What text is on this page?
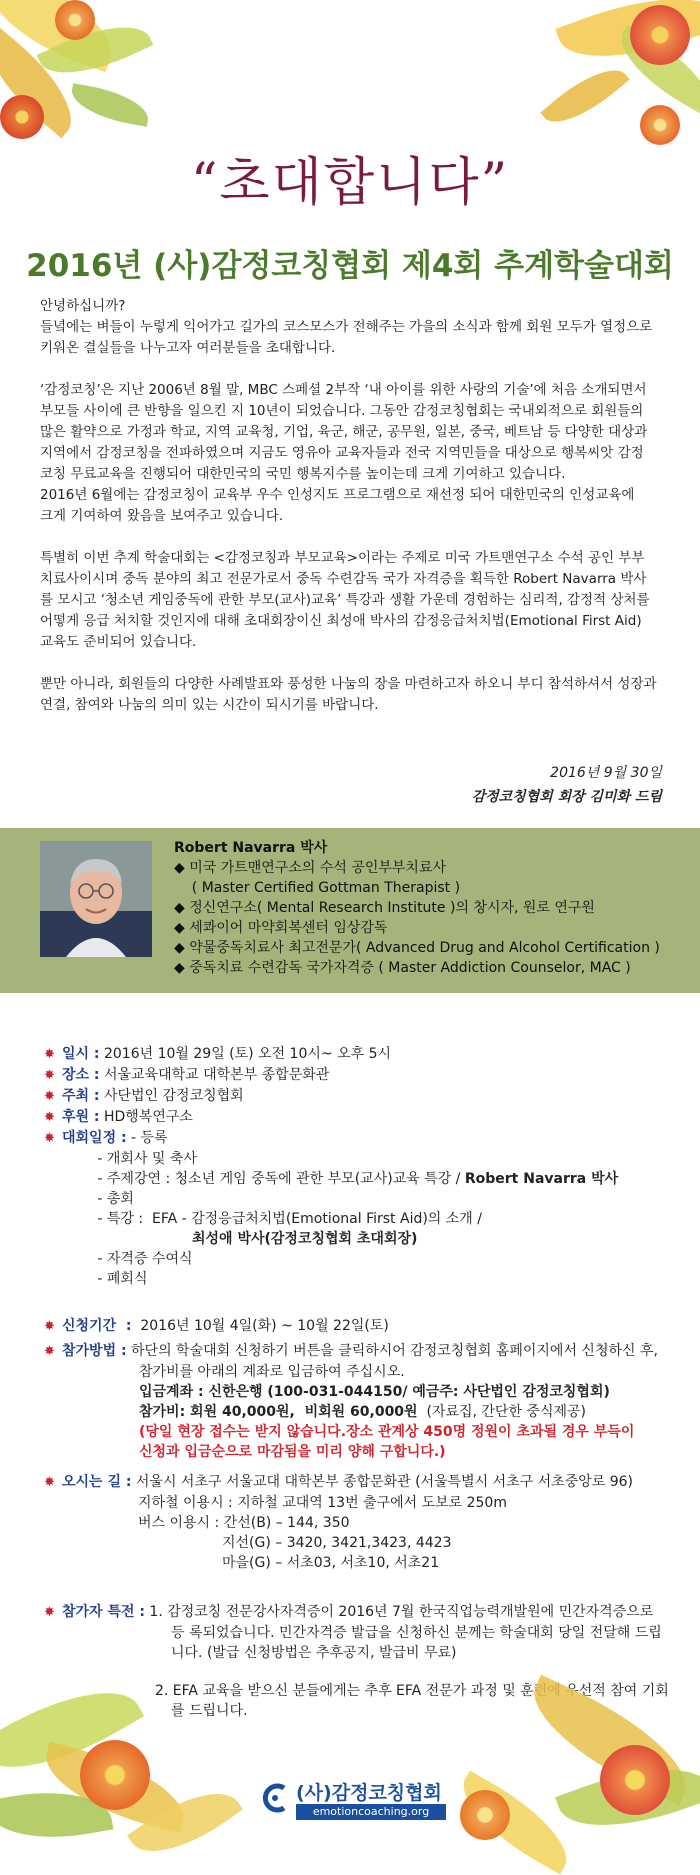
“초대합니다”
2016년 (사)감정코칭협회 제4회 추계학술대회

안녕하십니까?
들녘에는 벼들이 누렇게 익어가고 길가의 코스모스가 전해주는 가을의 소식과 함께 회원 모두가 열정으로
키워온 결실들을 나누고자 여러분들을 초대합니다.

‘감정코칭’은 지난 2006년 8월 말, MBC 스페셜 2부작 ‘내 아이를 위한 사랑의 기술’에 처음 소개되면서
부모들 사이에 큰 반향을 일으킨 지 10년이 되었습니다. 그동안 감정코칭협회는 국내외적으로 회원들의
많은 활약으로 가정과 학교, 지역 교육청, 기업, 육군, 해군, 공무원, 일본, 중국, 베트남 등 다양한 대상과
지역에서 감정코칭을 전파하였으며 지금도 영유아 교육자들과 전국 지역민들을 대상으로 행복씨앗 감정
코칭 무료교육을 진행되어 대한민국의 국민 행복지수를 높이는데 크게 기여하고 있습니다.
2016년 6월에는 감정코칭이 교육부 우수 인성지도 프로그램으로 재선정 되어 대한민국의 인성교육에
크게 기여하여 왔음을 보여주고 있습니다.

특별히 이번 추계 학술대회는 <감정코칭과 부모교육>이라는 주제로 미국 가트맨연구소 수석 공인 부부
치료사이시며 중독 분야의 최고 전문가로서 중독 수련감독 국가 자격증을 획득한 Robert Navarra 박사
를 모시고 ‘청소년 게임중독에 관한 부모(교사)교육’ 특강과 생활 가운데 경험하는 심리적, 감정적 상처를
어떻게 응급 처치할 것인지에 대해 초대회장이신 최성애 박사의 감정응급처치법(Emotional First Aid)
교육도 준비되어 있습니다.

뿐만 아니라, 회원들의 다양한 사례발표와 풍성한 나눔의 장을 마련하고자 하오니 부디 참석하셔서 성장과
연결, 참여와 나눔의 의미 있는 시간이 되시기를 바랍니다.

2016년 9월 30일
감정코칭협회 회장 김미화 드림
Robert Navarra 박사
◆ 미국 가트맨연구소의 수석 공인부부치료사
( Master Certified Gottman Therapist )
◆ 정신연구소( Mental Research Institute )의 창시자, 원로 연구원
◆ 세콰이어 마약회복센터 임상감독
◆ 약물중독치료사 최고전문가( Advanced Drug and Alcohol Certification )
◆ 중독치료 수련감독 국가자격증 ( Master Addiction Counselor, MAC )
✸ 일시 : 2016년 10월 29일 (토) 오전 10시~ 오후 5시
✸ 장소 : 서울교육대학교 대학본부 종합문화관
✸ 주최 : 사단법인 감정코칭협회
✸ 후원 : HD행복연구소
✸ 대회일정 : - 등록
- 개회사 및 축사
- 주제강연 : 청소년 게임 중독에 관한 부모(교사)교육 특강 / Robert Navarra 박사
- 총회
- 특강 :  EFA - 감정응급처치법(Emotional First Aid)의 소개 /
최성애 박사(감정코칭협회 초대회장)
- 자격증 수여식
- 폐회식
✸ 신청기간  :  2016년 10월 4일(화) ~ 10월 22일(토)
✸ 참가방법 : 하단의 학술대회 신청하기 버튼을 클릭하시어 감정코칭협회 홈페이지에서 신청하신 후,
참가비를 아래의 계좌로 입금하여 주십시오.
입금계좌 : 신한은행 (100-031-044150/ 예금주: 사단법인 감정코칭협회)
참가비: 회원 40,000원,  비회원 60,000원  (자료집, 간단한 중식제공)
(당일 현장 접수는 받지 않습니다.장소 관계상 450명 정원이 초과될 경우 부득이
신청과 입금순으로 마감됨을 미리 양해 구합니다.)
✸ 오시는 길 : 서울시 서초구 서울교대 대학본부 종합문화관 (서울특별시 서초구 서초중앙로 96)
지하철 이용시 : 지하철 교대역 13번 출구에서 도보로 250m
버스 이용시 : 간선(B) – 144, 350
지선(G) – 3420, 3421,3423, 4423
마을(G) – 서초03, 서초10, 서초21
✸ 참가자 특전 : 1. 감정코칭 전문강사자격증이 2016년 7월 한국직업능력개발원에 민간자격증으로
등 록되었습니다. 민간자격증 발급을 신청하신 분께는 학술대회 당일 전달해 드립
니다. (발급 신청방법은 추후공지, 발급비 무료)
2. EFA 교육을 받으신 분들에게는 추후 EFA 전문가 과정 및 훈련에 우선적 참여 기회
를 드립니다.
(사)감정코칭협회
emotioncoaching.org
